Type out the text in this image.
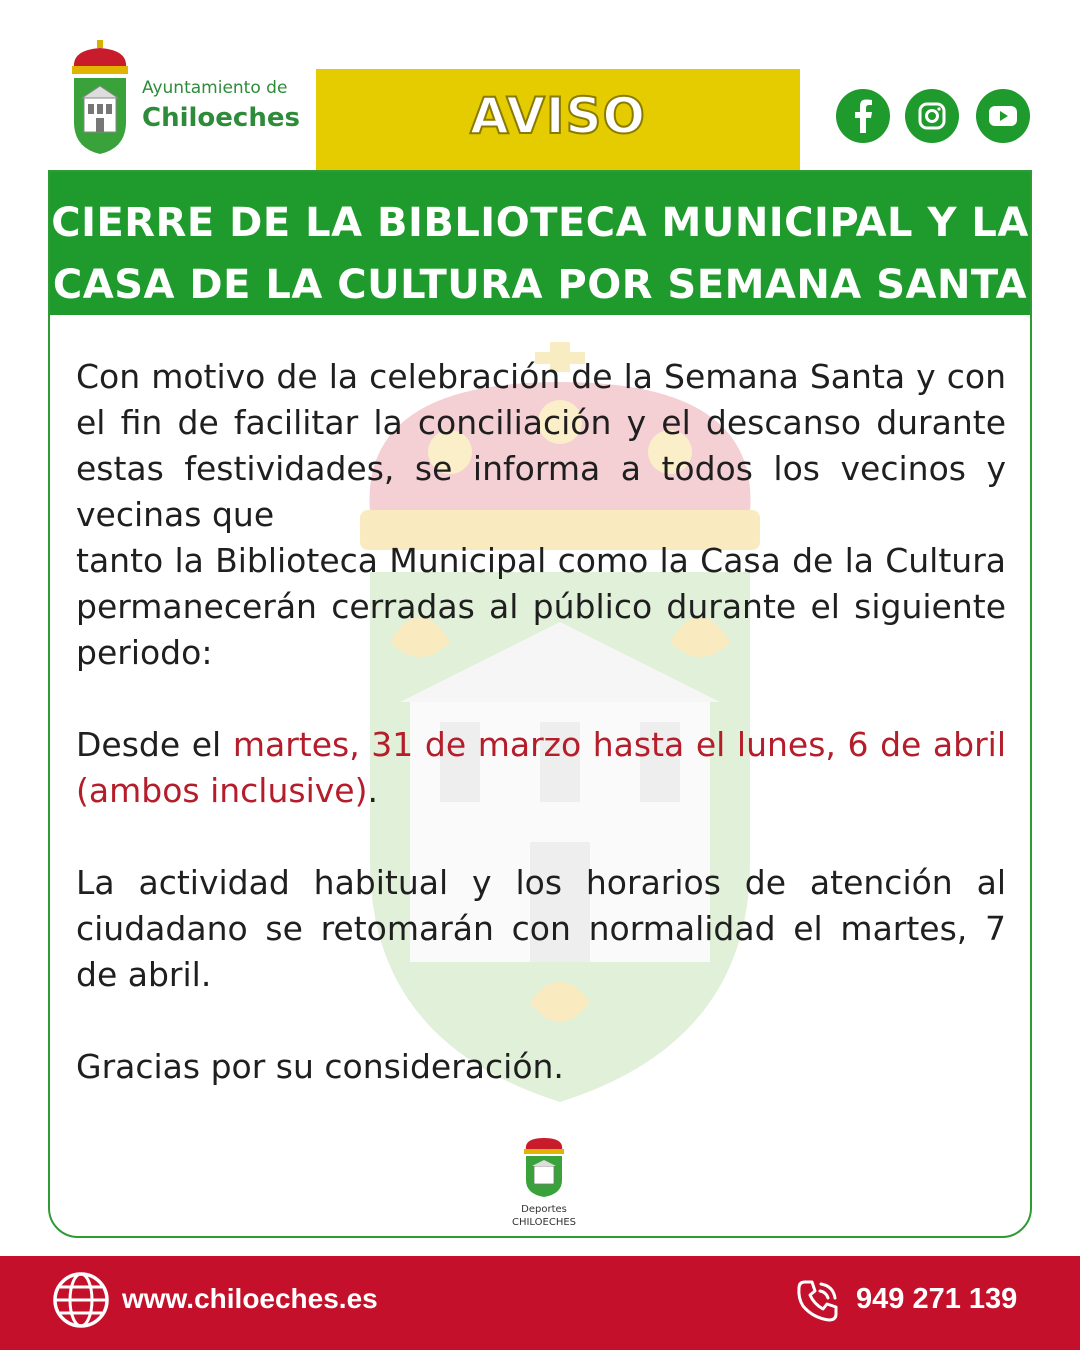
Ayuntamiento de
Chiloeches	AVISO
CIERRE DE LA BIBLIOTECA MUNICIPAL Y LA
CASA DE LA CULTURA POR SEMANA SANTA

Con motivo de la celebración de la Semana Santa y con el fin de facilitar la conciliación y el descanso durante estas festividades, se informa a todos los vecinos y vecinas que

tanto la Biblioteca Municipal como la Casa de la Cultura permanecerán cerradas al público durante el siguiente periodo:

Desde el martes, 31 de marzo hasta el lunes, 6 de abril (ambos inclusive).

La actividad habitual y los horarios de atención al ciudadano se retomarán con normalidad el martes, 7 de abril.

Gracias por su consideración.

Deportes
CHILOECHES
www.chiloeches.es	949 271 139
